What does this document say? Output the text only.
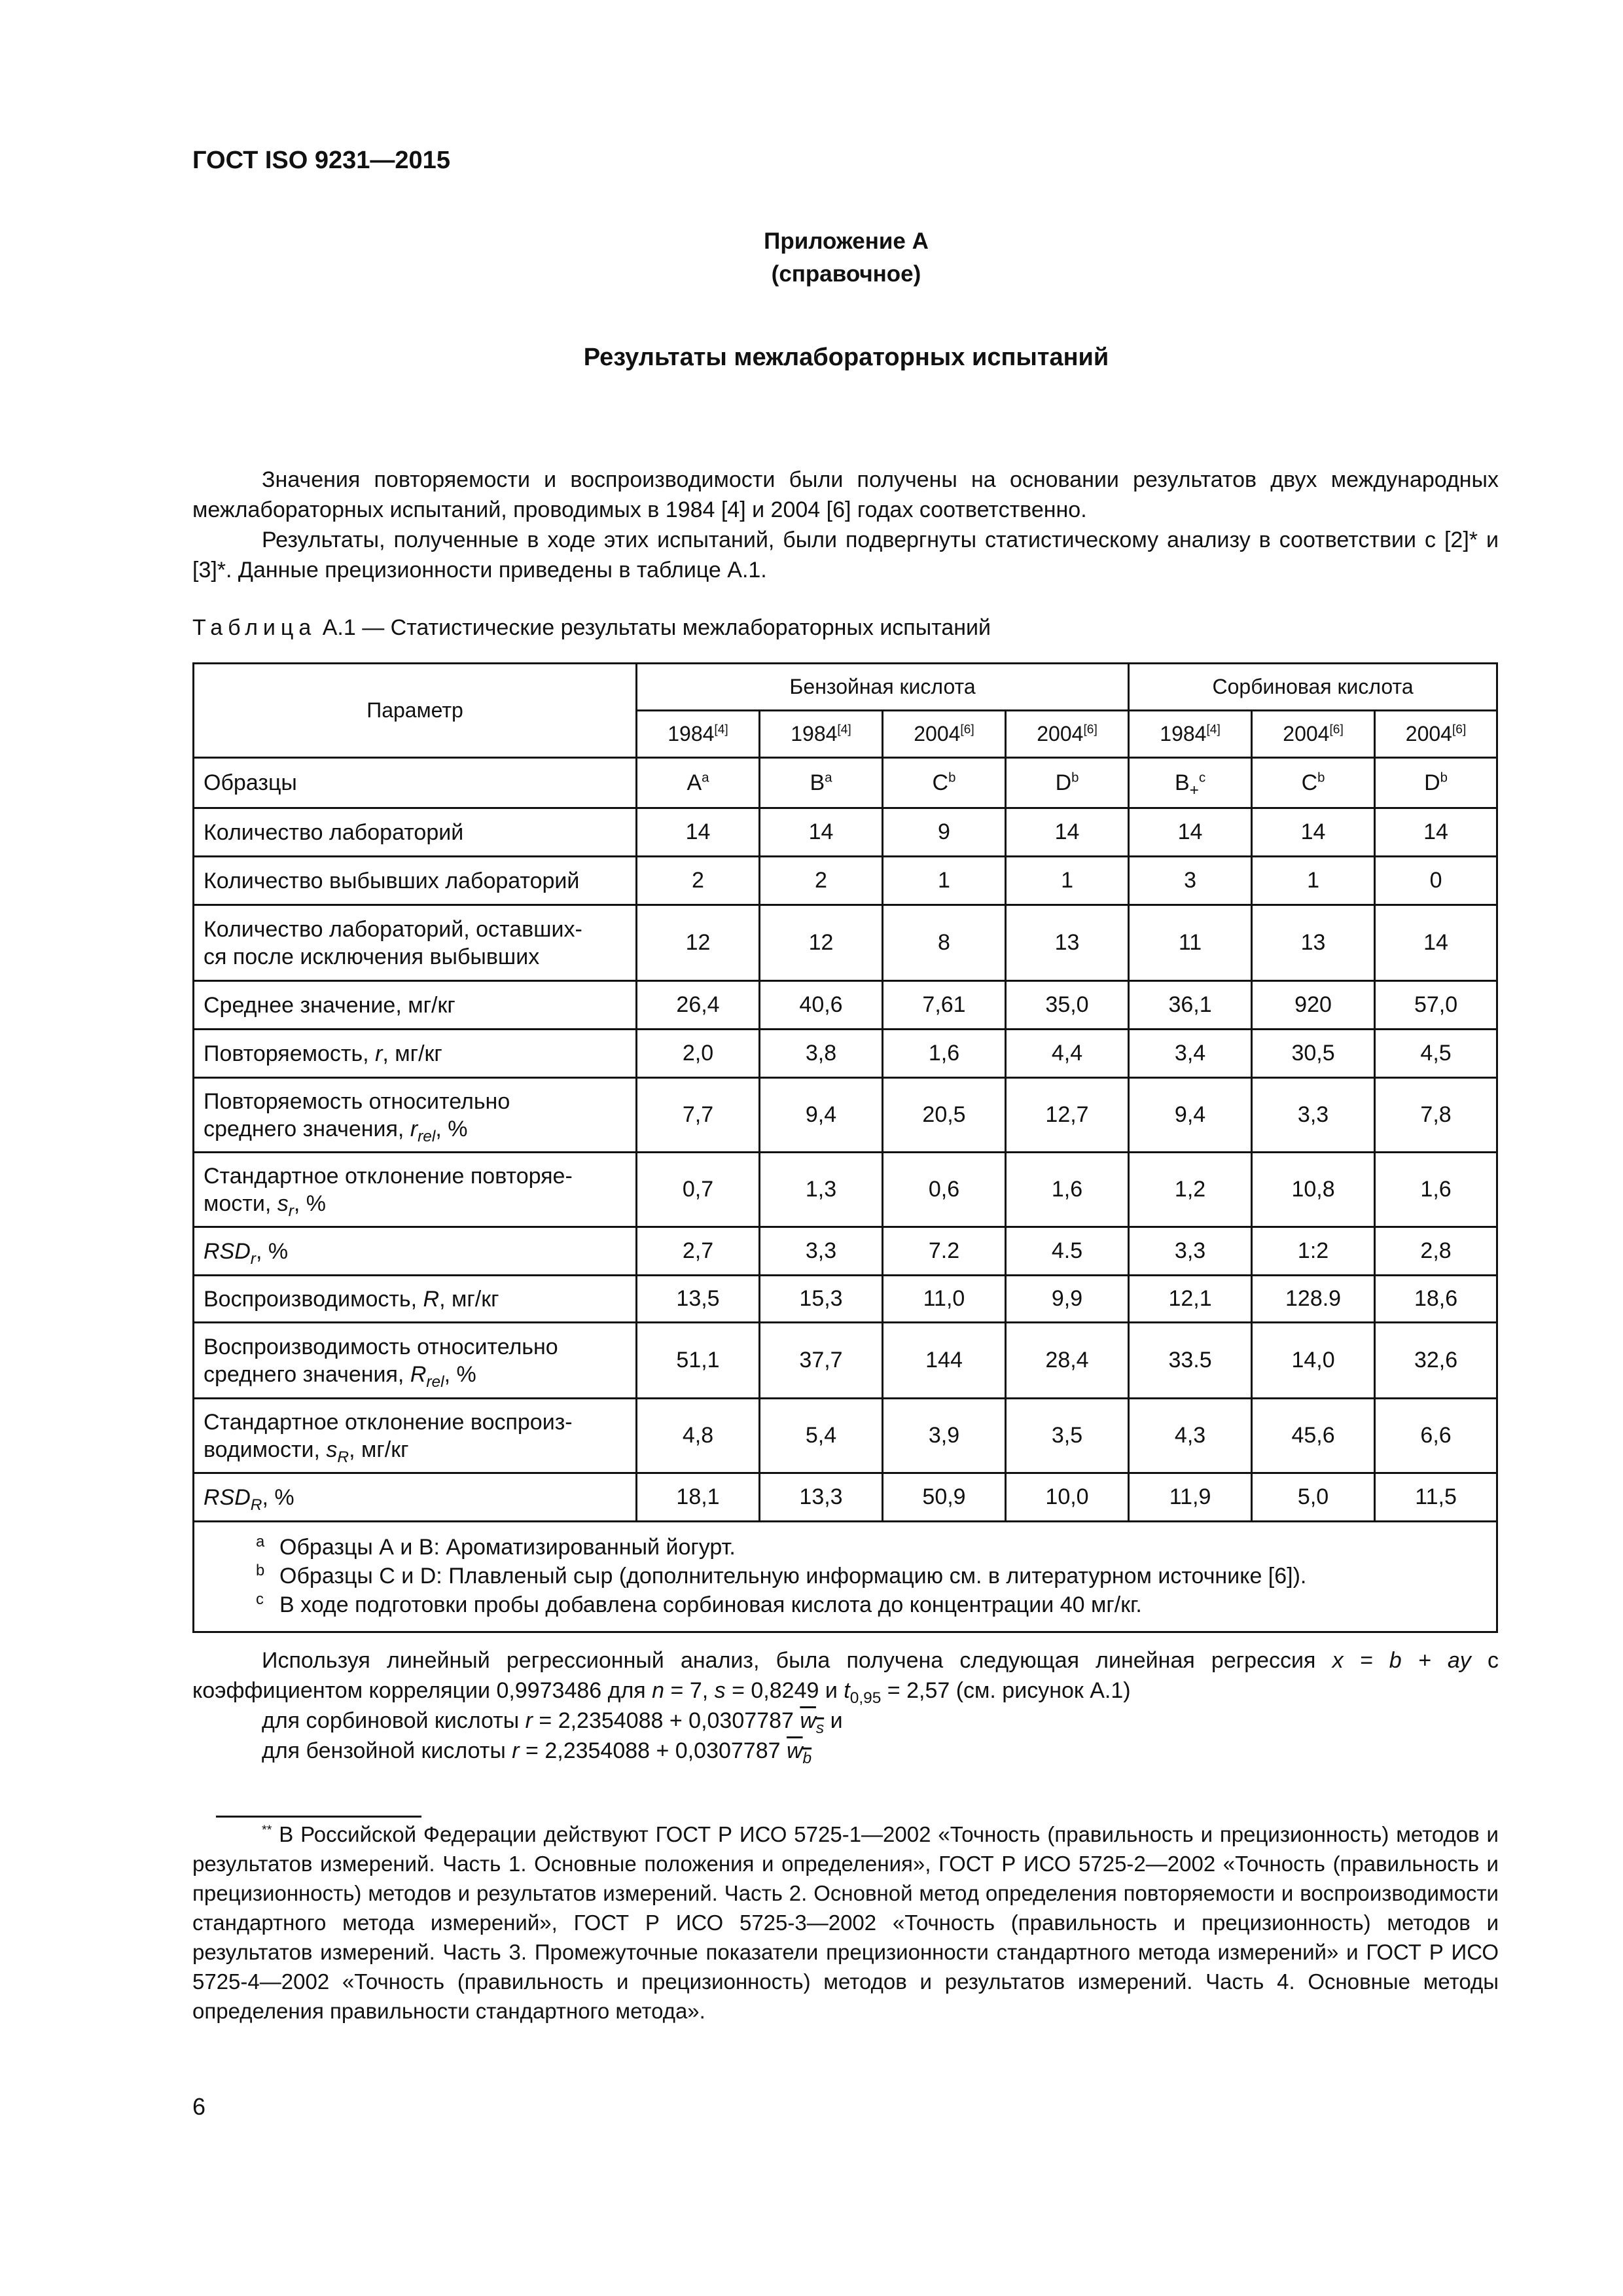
ГОСТ ISO 9231—2015
Приложение А
(справочное)
Результаты межлабораторных испытаний

Значения повторяемости и воспроизводимости были получены на основании результатов двух международных межлабораторных испытаний, проводимых в 1984 [4] и 2004 [6] годах соответственно.

Результаты, полученные в ходе этих испытаний, были подвергнуты статистическому анализу в соответствии с [2]* и [3]*. Данные прецизионности приведены в таблице А.1.

Таблица А.1 — Статистические результаты межлабораторных испытаний
Параметр	Бензойная кислота				Сорбиновая кислота		
	1984[4]	1984[4]	2004[6]	2004[6]	1984[4]	2004[6]	2004[6]
Образцы	$A^a$	$B^a$	$C^b$	$D^b$	$B_+^c$	$C^b$	$D^b$
Количество лабораторий	14	14	9	14	14	14	14
Количество выбывших лабораторий	2	2	1	1	3	1	0

Количество лабораторий, оставших-
ся после исключения выбывших	12	12	8	13	11	13	14
Среднее значение, мг/кг	26,4	40,6	7,61	35,0	36,1	920	57,0
Повторяемость, r, мг/кг	2,0	3,8	1,6	4,4	3,4	30,5	4,5

Повторяемость относительно
среднего значения, $r_{rel}$, %	7,7	9,4	20,5	12,7	9,4	3,3	7,8

Стандартное отклонение повторяе-
мости, $s_r$, %	0,7	1,3	0,6	1,6	1,2	10,8	1,6
$RSD_r$, %	2,7	3,3	7.2	4.5	3,3	1:2	2,8
Воспроизводимость, R, мг/кг	13,5	15,3	11,0	9,9	12,1	128.9	18,6

Воспроизводимость относительно
среднего значения, $R_{rel}$, %	51,1	37,7	144	28,4	33.5	14,0	32,6

Стандартное отклонение воспроиз-
водимости, $s_R$, мг/кг	4,8	5,4	3,9	3,5	4,3	45,6	6,6
$RSD_R$, %	18,1	13,3	50,9	10,0	11,9	5,0	11,5

$^a$ Образцы А и В: Ароматизированный йогурт.
$^b$ Образцы С и D: Плавленый сыр (дополнительную информацию см. в литературном источнике [6]).
$^c$ В ходе подготовки пробы добавлена сорбиновая кислота до концентрации 40 мг/кг.							

Используя линейный регрессионный анализ, была получена следующая линейная регрессия x = b + ay с коэффициентом корреляции 0,9973486 для n = 7, s = 0,8249 и $t_{0,95} = 2,57$ (см. рисунок А.1)

для сорбиновой кислоты r = 2,2354088 + 0,0307787 $w_s$ и

для бензойной кислоты r = 2,2354088 + 0,0307787 $w_b$

** В Российской Федерации действуют ГОСТ Р ИСО 5725-1—2002 «Точность (правильность и прецизионность) методов и результатов измерений. Часть 1. Основные положения и определения», ГОСТ Р ИСО 5725-2—2002 «Точность (правильность и прецизионность) методов и результатов измерений. Часть 2. Основной метод определения повторяемости и воспроизводимости стандартного метода измерений», ГОСТ Р ИСО 5725-3—2002 «Точность (правильность и прецизионность) методов и результатов измерений. Часть 3. Промежуточные показатели прецизионности стандартного метода измерений» и ГОСТ Р ИСО 5725-4—2002 «Точность (правильность и прецизионность) методов и результатов измерений. Часть 4. Основные методы определения правильности стандартного метода».

6
